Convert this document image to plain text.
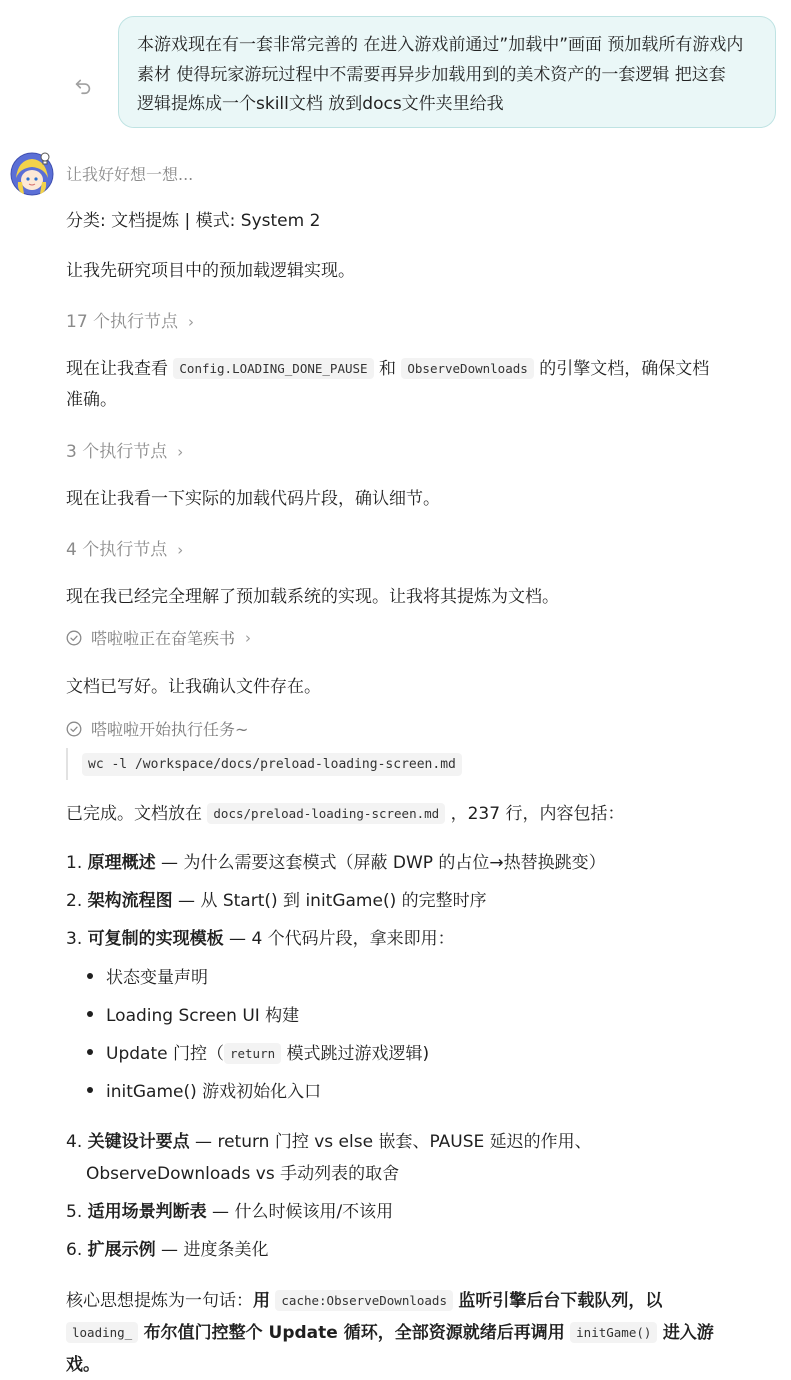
本游戏现在有一套非常完善的 在进入游戏前通过”加载中”画面 预加载所有游戏内
素材 使得玩家游玩过程中不需要再异步加载用到的美术资产的一套逻辑 把这套
逻辑提炼成一个skill文档 放到docs文件夹里给我
让我好好想一想...
分类: 文档提炼 | 模式: System 2
让我先研究项目中的预加载逻辑实现。
17 个执行节点 ›
现在让我查看 Config.LOADING_DONE_PAUSE 和 ObserveDownloads 的引擎文档，确保文档
准确。
3 个执行节点 ›
现在让我看一下实际的加载代码片段，确认细节。
4 个执行节点 ›
现在我已经完全理解了预加载系统的实现。让我将其提炼为文档。
嗒啦啦正在奋笔疾书 ›
文档已写好。让我确认文件存在。
嗒啦啦开始执行任务~
wc -l /workspace/docs/preload-loading-screen.md
已完成。文档放在 docs/preload-loading-screen.md ，237 行，内容包括：
1. 原理概述 — 为什么需要这套模式（屏蔽 DWP 的占位→热替换跳变）
2. 架构流程图 — 从 Start() 到 initGame() 的完整时序
3. 可复制的实现模板 — 4 个代码片段，拿来即用：
状态变量声明
Loading Screen UI 构建
Update 门控（ return 模式跳过游戏逻辑)
initGame() 游戏初始化入口
4. 关键设计要点 — return 门控 vs else 嵌套、PAUSE 延迟的作用、
ObserveDownloads vs 手动列表的取舍
5. 适用场景判断表 — 什么时候该用/不该用
6. 扩展示例 — 进度条美化
核心思想提炼为一句话：用 cache:ObserveDownloads 监听引擎后台下载队列，以
loading_ 布尔值门控整个 Update 循环，全部资源就绪后再调用 initGame() 进入游
戏。
